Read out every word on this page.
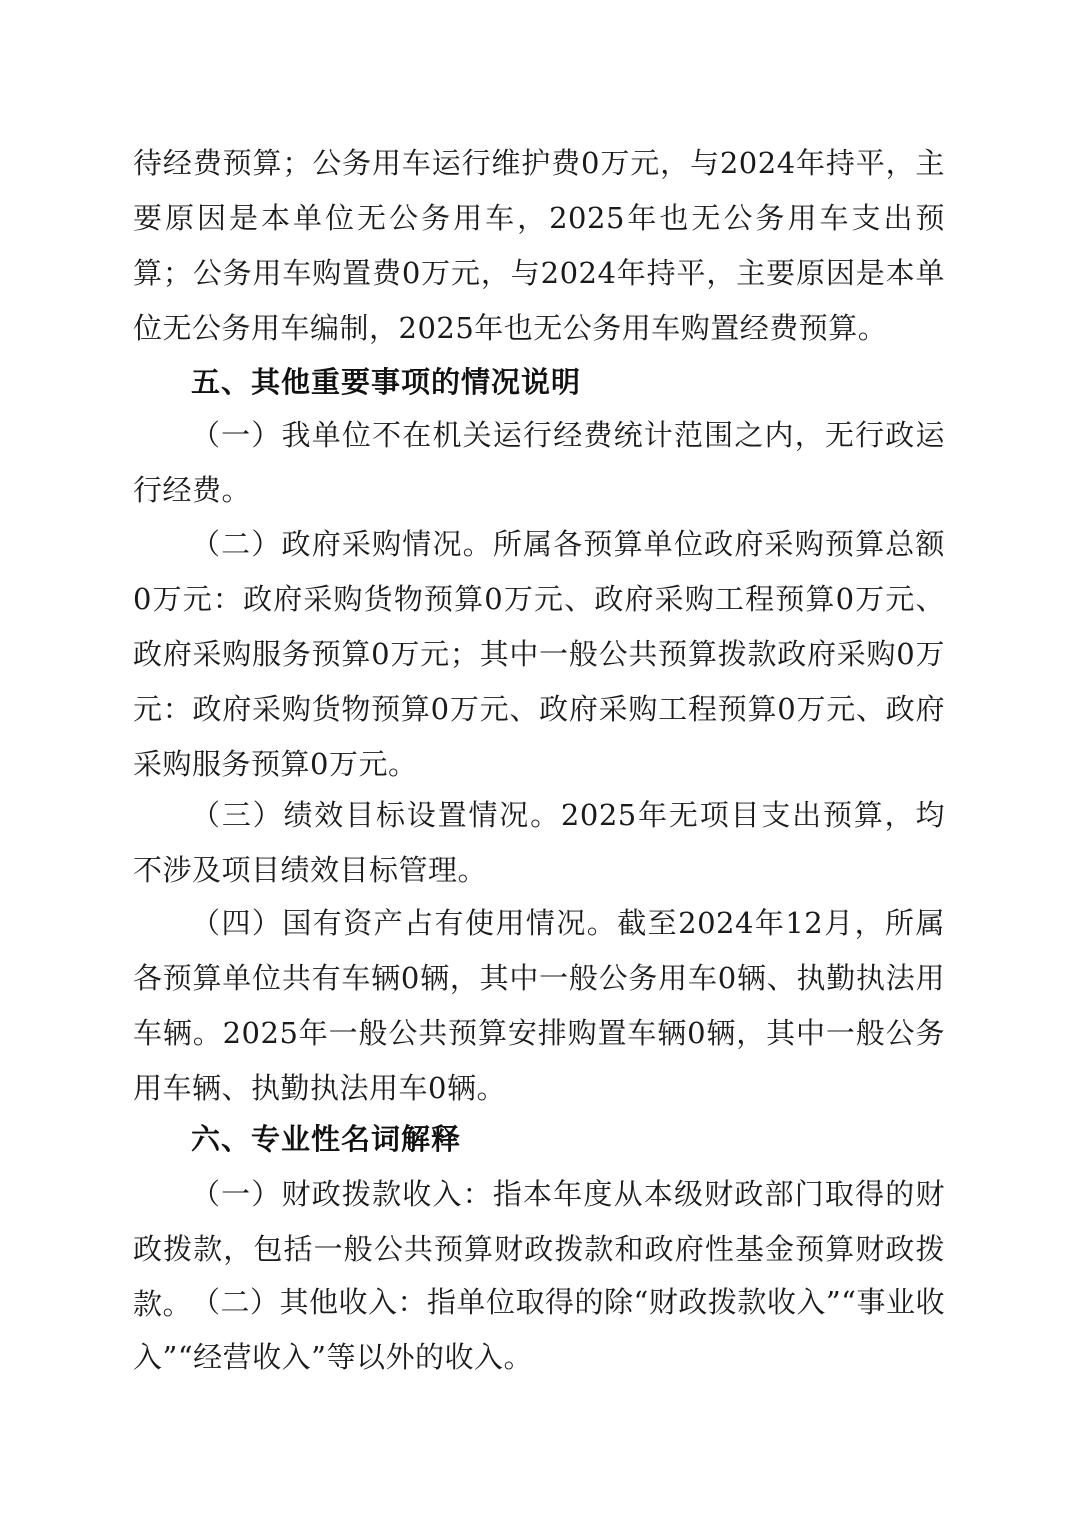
待经费预算；公务用车运行维护费0万元，与2024年持平，主要原因是本单位无公务用车，2025年也无公务用车支出预算；公务用车购置费0万元，与2024年持平，主要原因是本单位无公务用车编制，2025年也无公务用车购置经费预算。

五、其他重要事项的情况说明

（一）我单位不在机关运行经费统计范围之内，无行政运行经费。

（二）政府采购情况。所属各预算单位政府采购预算总额0万元：政府采购货物预算0万元、政府采购工程预算0万元、政府采购服务预算0万元；其中一般公共预算拨款政府采购0万元：政府采购货物预算0万元、政府采购工程预算0万元、政府采购服务预算0万元。

（三）绩效目标设置情况。2025年无项目支出预算，均不涉及项目绩效目标管理。

（四）国有资产占有使用情况。截至2024年12月，所属各预算单位共有车辆0辆，其中一般公务用车0辆、执勤执法用车辆。2025年一般公共预算安排购置车辆0辆，其中一般公务用车辆、执勤执法用车0辆。

六、专业性名词解释

（一）财政拨款收入：指本年度从本级财政部门取得的财政拨款，包括一般公共预算财政拨款和政府性基金预算财政拨款。

（二）其他收入：指单位取得的除“财政拨款收入”“事业收入”“经营收入”等以外的收入。
